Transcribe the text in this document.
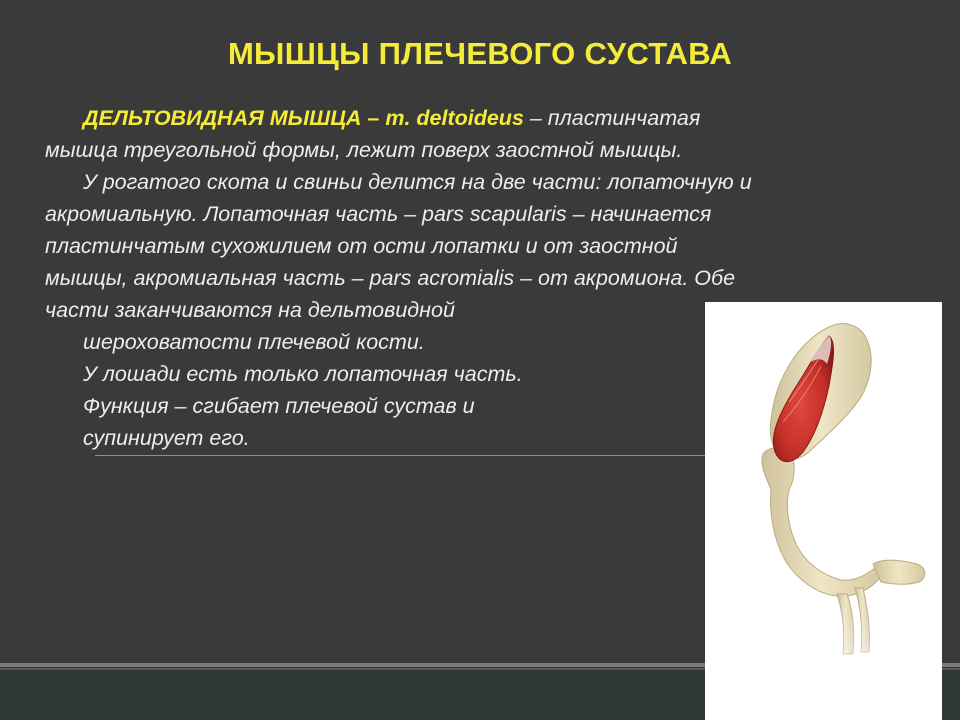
МЫШЦЫ ПЛЕЧЕВОГО СУСТАВА
ДЕЛЬТОВИДНАЯ МЫШЦА – m. deltoideus – пластинчатая
мышца треугольной формы, лежит поверх заостной мышцы.
У рогатого скота и свиньи делится на две части: лопаточную и
акромиальную. Лопаточная часть – pars scapularis – начинается
пластинчатым сухожилием от ости лопатки и от заостной
мышцы, акромиальная часть – pars acromialis – от акромиона. Обе
части заканчиваются на дельтовидной
шероховатости плечевой кости.
У лошади есть только лопаточная часть.
Функция – сгибает плечевой сустав и
супинирует его.
